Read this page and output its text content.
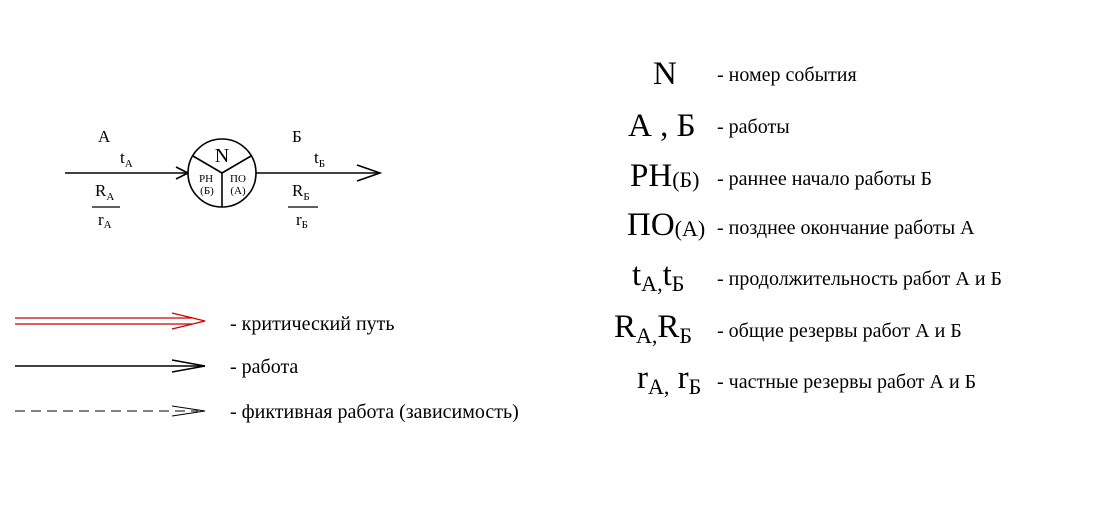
А
$t_А$
$R_А$
rА
N
РН
(Б)
ПО
(А)
Б
$t_Б$
$R_Б$
rБ
- критический путь
- работа
- фиктивная работа (зависимость)
N - номер события
А , Б - работы
РН(Б) - раннее начало работы Б
ПО(А) - позднее окончание работы А
tА,tБ - продолжительность работ А и Б
RА,RБ - общие резервы работ А и Б
rА, rБ - частные резервы работ А и Б
